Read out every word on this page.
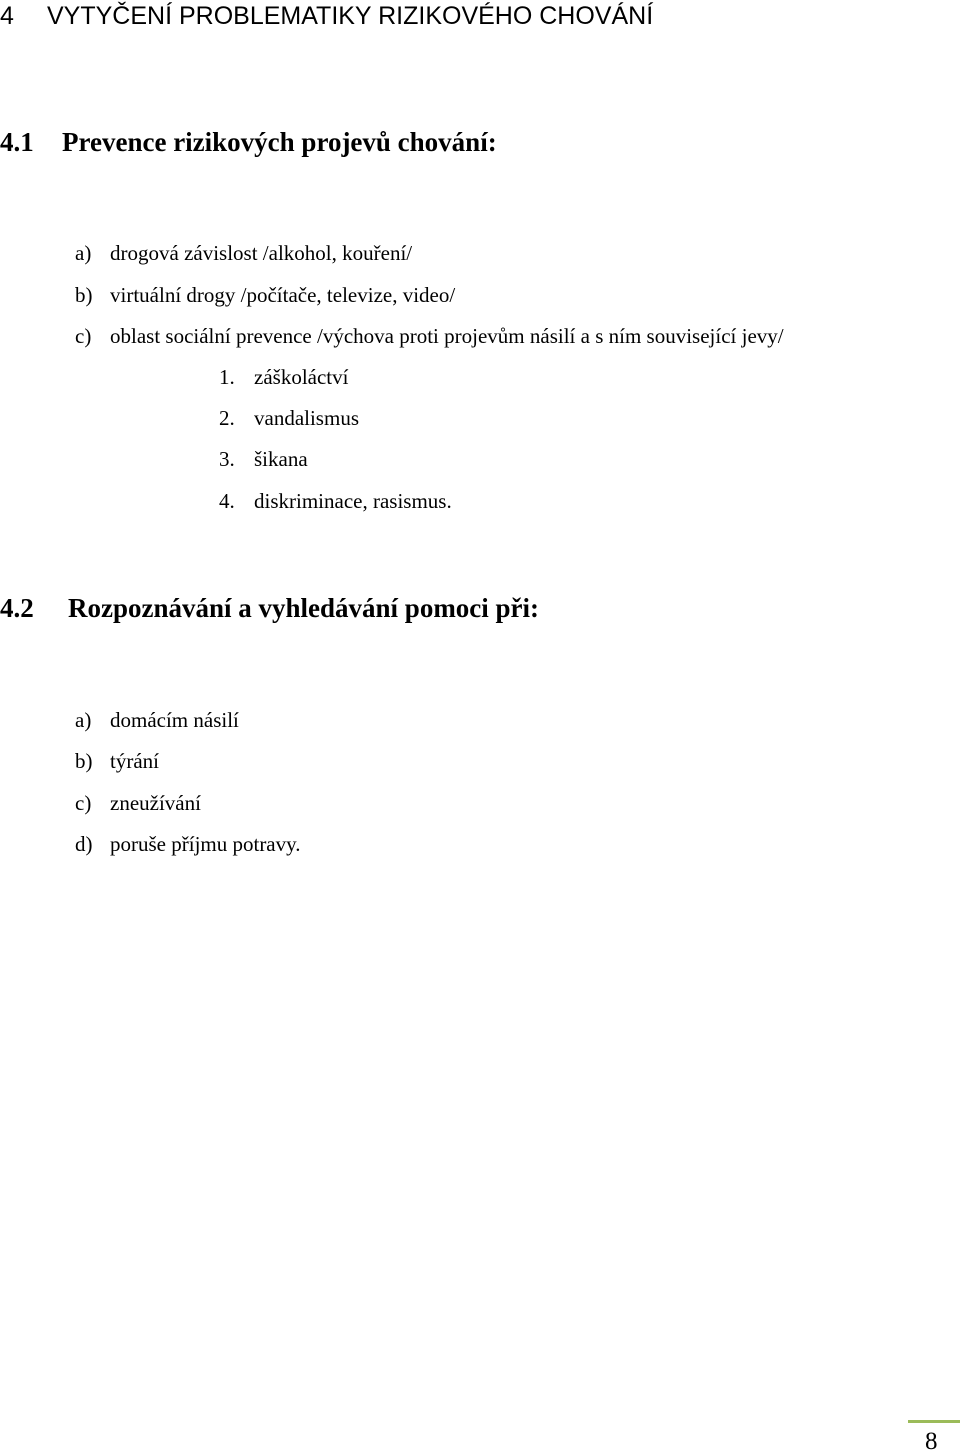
4 VYTYČENÍ PROBLEMATIKY RIZIKOVÉHO CHOVÁNÍ
4.1 Prevence rizikových projevů chování:
a) drogová závislost /alkohol, kouření/
b) virtuální drogy /počítače, televize, video/
c) oblast sociální prevence /výchova proti projevům násilí a s ním související jevy/
1. záškoláctví
2. vandalismus
3. šikana
4. diskriminace, rasismus.
4.2 Rozpoznávání a vyhledávání pomoci při:
a) domácím násilí
b) týrání
c) zneužívání
d) poruše příjmu potravy.
8
